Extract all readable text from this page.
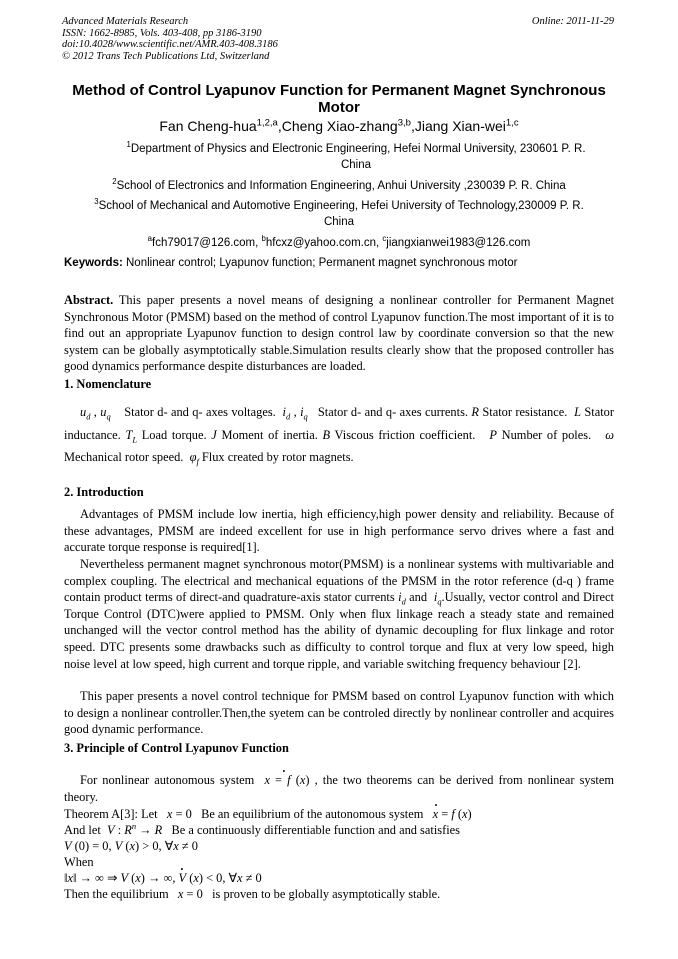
Advanced Materials Research
ISSN: 1662-8985, Vols. 403-408, pp 3186-3190
doi:10.4028/www.scientific.net/AMR.403-408.3186
© 2012 Trans Tech Publications Ltd, Switzerland
Online: 2011-11-29
Method of Control Lyapunov Function for Permanent Magnet Synchronous Motor
Fan Cheng-hua$^{1,2,a}$,Cheng Xiao-zhang$^{3,b}$,Jiang Xian-wei$^{1,c}$
$^1$Department of Physics and Electronic Engineering, Hefei Normal University, 230601 P. R.
China
$^2$School of Electronics and Information Engineering, Anhui University ,230039 P. R. China
$^3$School of Mechanical and Automotive Engineering, Hefei University of Technology,230009 P. R.
China
$^a$fch79017@126.com, $^b$hfcxz@yahoo.com.cn, $^c$jiangxianwei1983@126.com
Keywords: Nonlinear control; Lyapunov function; Permanent magnet synchronous motor
Abstract. This paper presents a novel means of designing a nonlinear controller for Permanent Magnet Synchronous Motor (PMSM) based on the method of control Lyapunov function.The most important of it is to find out an appropriate Lyapunov function to design control law by coordinate conversion so that the new system can be globally asymptotically stable.Simulation results clearly show that the proposed controller has good dynamics performance despite disturbances are loaded.
1. Nomenclature
$u_d$ , $u_q$ Stator d- and q- axes voltages. $i_d$ , $i_q$ Stator d- and q- axes currents. R Stator resistance. L Stator inductance. $T_L$ Load torque. J Moment of inertia. B Viscous friction coefficient. P Number of poles. ω Mechanical rotor speed. $\varphi_f$ Flux created by rotor magnets.
2. Introduction
Advantages of PMSM include low inertia, high efficiency,high power density and reliability. Because of these advantages, PMSM are indeed excellent for use in high performance servo drives where a fast and accurate torque response is required[1].
Nevertheless permanent magnet synchronous motor(PMSM) is a nonlinear systems with multivariable and complex coupling. The electrical and mechanical equations of the PMSM in the rotor reference (d-q ) frame contain product terms of direct-and quadrature-axis stator currents $i_d$ and  $i_q.Usually$, vector control and Direct Torque Control (DTC)were applied to PMSM. Only when flux linkage reach a steady state and remained unchanged will the vector control method has the ability of dynamic decoupling for flux linkage and rotor speed. DTC presents some drawbacks such as difficulty to control torque and flux at very low speed, high noise level at low speed, high current and torque ripple, and variable switching frequency behaviour [2].
This paper presents a novel control technique for PMSM based on control Lyapunov function with which to design a nonlinear controller.Then,the syetem can be controled directly by nonlinear controller and acquires good dynamic performance.
3. Principle of Control Lyapunov Function
For nonlinear autonomous system • x = f (x) , the two theorems can be derived from nonlinear system theory.
Theorem A[3]: Let x = 0   Be an equilibrium of the autonomous system • x = f (x)
And let V : $R^n \to R$ Be a continuously differentiable function and and satisfies
V (0) = 0, V (x) > 0, ∀x ≠ 0
When
‖x‖ → ∞ ⇒ V (x) → ∞, • V (x) < 0, ∀x ≠ 0
Then the equilibrium x = 0   is proven to be globally asymptotically stable.
